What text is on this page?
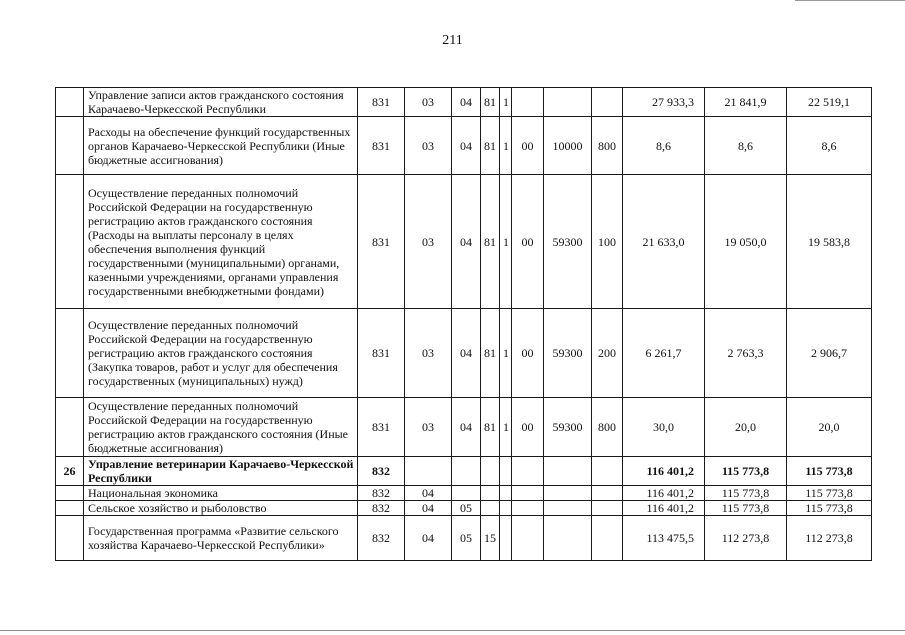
211
	Управление записи актов гражданского состояния Карачаево-Черкесской Республики	831	03	04	81	1				27 933,3	21 841,9	22 519,1
	Расходы на обеспечение функций государственных органов Карачаево-Черкесской Республики (Иные бюджетные ассигнования)	831	03	04	81	1	00	10000	800	8,6	8,6	8,6
	Осуществление переданных полномочий Российской Федерации на государственную регистрацию актов гражданского состояния (Расходы на выплаты персоналу в целях обеспечения выполнения функций государственными (муниципальными) органами, казенными учреждениями, органами управления государственными внебюджетными фондами)	831	03	04	81	1	00	59300	100	21 633,0	19 050,0	19 583,8
	Осуществление переданных полномочий Российской Федерации на государственную регистрацию актов гражданского состояния (Закупка товаров, работ и услуг для обеспечения государственных (муниципальных) нужд)	831	03	04	81	1	00	59300	200	6 261,7	2 763,3	2 906,7
	Осуществление переданных полномочий Российской Федерации на государственную регистрацию актов гражданского состояния (Иные бюджетные ассигнования)	831	03	04	81	1	00	59300	800	30,0	20,0	20,0
26	Управление ветеринарии Карачаево-Черкесской Республики	832								116 401,2	115 773,8	115 773,8
	Национальная экономика	832	04							116 401,2	115 773,8	115 773,8
	Сельское хозяйство и рыболовство	832	04	05						116 401,2	115 773,8	115 773,8
	Государственная программа «Развитие сельского хозяйства Карачаево-Черкесской Республики»	832	04	05	15					113 475,5	112 273,8	112 273,8
